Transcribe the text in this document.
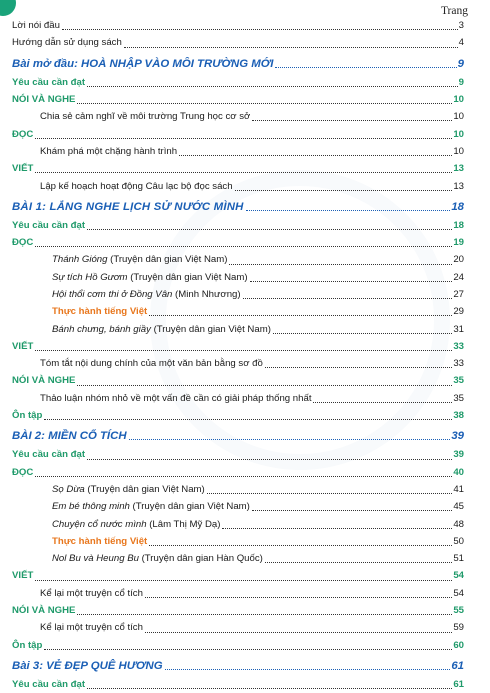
Trang
Lời nói đầu	3
Hướng dẫn sử dụng sách	4
Bài mở đầu: HOÀ NHẬP VÀO MÔI TRƯỜNG MỚI	9
Yêu cầu cần đạt	9
NÓI VÀ NGHE	10
Chia sẻ cảm nghĩ về môi trường Trung học cơ sở	10
ĐỌC	10
Khám phá một chặng hành trình	10
VIẾT	13
Lập kế hoạch hoạt động Câu lạc bộ đọc sách	13
BÀI 1: LẮNG NGHE LỊCH SỬ NƯỚC MÌNH	18
Yêu cầu cần đạt	18
ĐỌC	19
Thánh Gióng (Truyện dân gian Việt Nam)	20
Sự tích Hồ Gươm (Truyện dân gian Việt Nam)	24
Hội thổi cơm thi ở Đồng Vân (Minh Nhương)	27
Thực hành tiếng Việt	29
Bánh chưng, bánh giầy (Truyện dân gian Việt Nam)	31
VIẾT	33
Tóm tắt nội dung chính của một văn bản bằng sơ đồ	33
NÓI VÀ NGHE	35
Thảo luận nhóm nhỏ về một vấn đề cần có giải pháp thống nhất	35
Ôn tập	38
BÀI 2: MIỀN CỔ TÍCH	39
Yêu cầu cần đạt	39
ĐỌC	40
Sọ Dừa (Truyện dân gian Việt Nam)	41
Em bé thông minh (Truyện dân gian Việt Nam)	45
Chuyện cổ nước mình (Lâm Thị Mỹ Dạ)	48
Thực hành tiếng Việt	50
Nol Bu và Heung Bu (Truyện dân gian Hàn Quốc)	51
VIẾT	54
Kể lại một truyện cổ tích	54
NÓI VÀ NGHE	55
Kể lại một truyện cổ tích	59
Ôn tập	60
Bài 3: VẺ ĐẸP QUÊ HƯƠNG	61
Yêu cầu cần đạt	61
